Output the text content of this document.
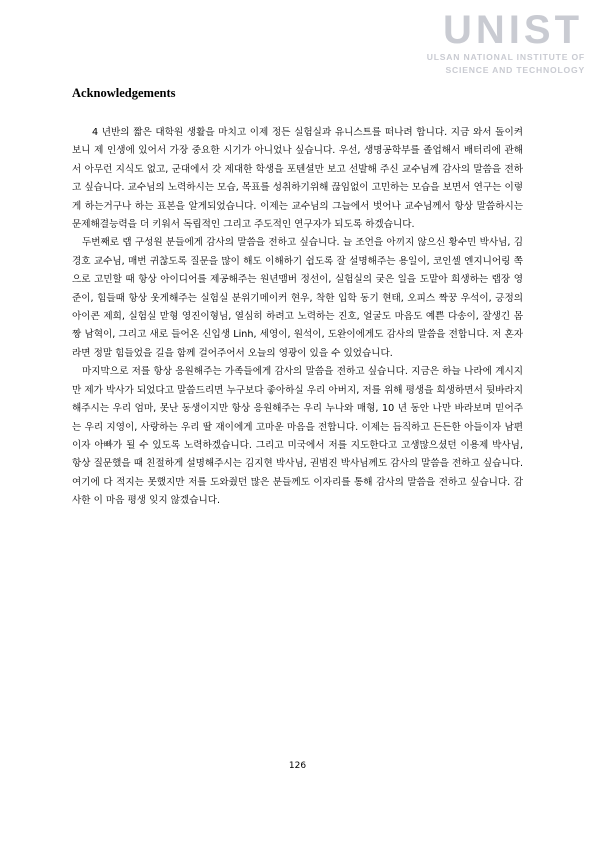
UNIST
ULSAN NATIONAL INSTITUTE OF
SCIENCE AND TECHNOLOGY
Acknowledgements

4 년반의 짧은 대학원 생활을 마치고 이제 정든 실험실과 유니스트를 떠나려 합니다. 지금 와서 돌이켜보니 제 인생에 있어서 가장 중요한 시기가 아니었나 싶습니다. 우선, 생명공학부를 졸업해서 배터리에 관해서 아무런 지식도 없고, 군대에서 갓 제대한 학생을 포텐셜만 보고 선발해 주신 교수님께 감사의 말씀을 전하고 싶습니다. 교수님의 노력하시는 모습, 목표를 성취하기위해 끊임없이 고민하는 모습을 보면서 연구는 이렇게 하는거구나 하는 표본을 알게되었습니다. 이제는 교수님의 그늘에서 벗어나 교수님께서 항상 말씀하시는 문제해결능력을 더 키워서 독립적인 그리고 주도적인 연구자가 되도록 하겠습니다.

두번째로 랩 구성원 분들에게 감사의 말씀을 전하고 싶습니다. 늘 조언을 아끼지 않으신 황수민 박사님, 김경호 교수님, 매번 귀찮도록 질문을 많이 해도 이해하기 쉽도록 잘 설명해주는 용일이, 코인셀 엔지니어링 쪽으로 고민할 때 항상 아이디어를 제공해주는 원년맴버 정선이, 실험실의 궂은 일을 도맡아 희생하는 랩장 영준이, 힘들때 항상 웃게해주는 실험실 분위기메이커 현우, 착한 입학 동기 현태, 오피스 짝꿍 우석이, 긍정의 아이콘 제희, 실험실 맏형 영진이형님, 열심히 하려고 노력하는 진호, 얼굴도 마음도 예쁜 다송이, 잘생긴 몸짱 남혁이, 그리고 새로 들어온 신입생 Linh, 세영이, 원석이, 도완이에게도 감사의 말씀을 전합니다. 저 혼자라면 정말 힘들었을 길을 함께 걸어주어서 오늘의 영광이 있을 수 있었습니다.

마지막으로 저를 항상 응원해주는 가족들에게 감사의 말씀을 전하고 싶습니다. 지금은 하늘 나라에 계시지만 제가 박사가 되었다고 말씀드리면 누구보다 좋아하실 우리 아버지, 저를 위해 평생을 희생하면서 뒷바라지 해주시는 우리 엄마, 못난 동생이지만 항상 응원해주는 우리 누나와 매형, 10 년 동안 나만 바라보며 믿어주는 우리 지영이, 사랑하는 우리 딸 재이에게 고마운 마음을 전합니다. 이제는 듬직하고 든든한 아들이자 남편이자 아빠가 될 수 있도록 노력하겠습니다. 그리고 미국에서 저를 지도한다고 고생많으셨던 이용제 박사님, 항상 질문했을 때 친절하게 설명해주시는 김지현 박사님, 권범진 박사님께도 감사의 말씀을 전하고 싶습니다. 여기에 다 적지는 못했지만 저를 도와줬던 많은 분들께도 이자리를 통해 감사의 말씀을 전하고 싶습니다. 감사한 이 마음 평생 잊지 않겠습니다.

126
